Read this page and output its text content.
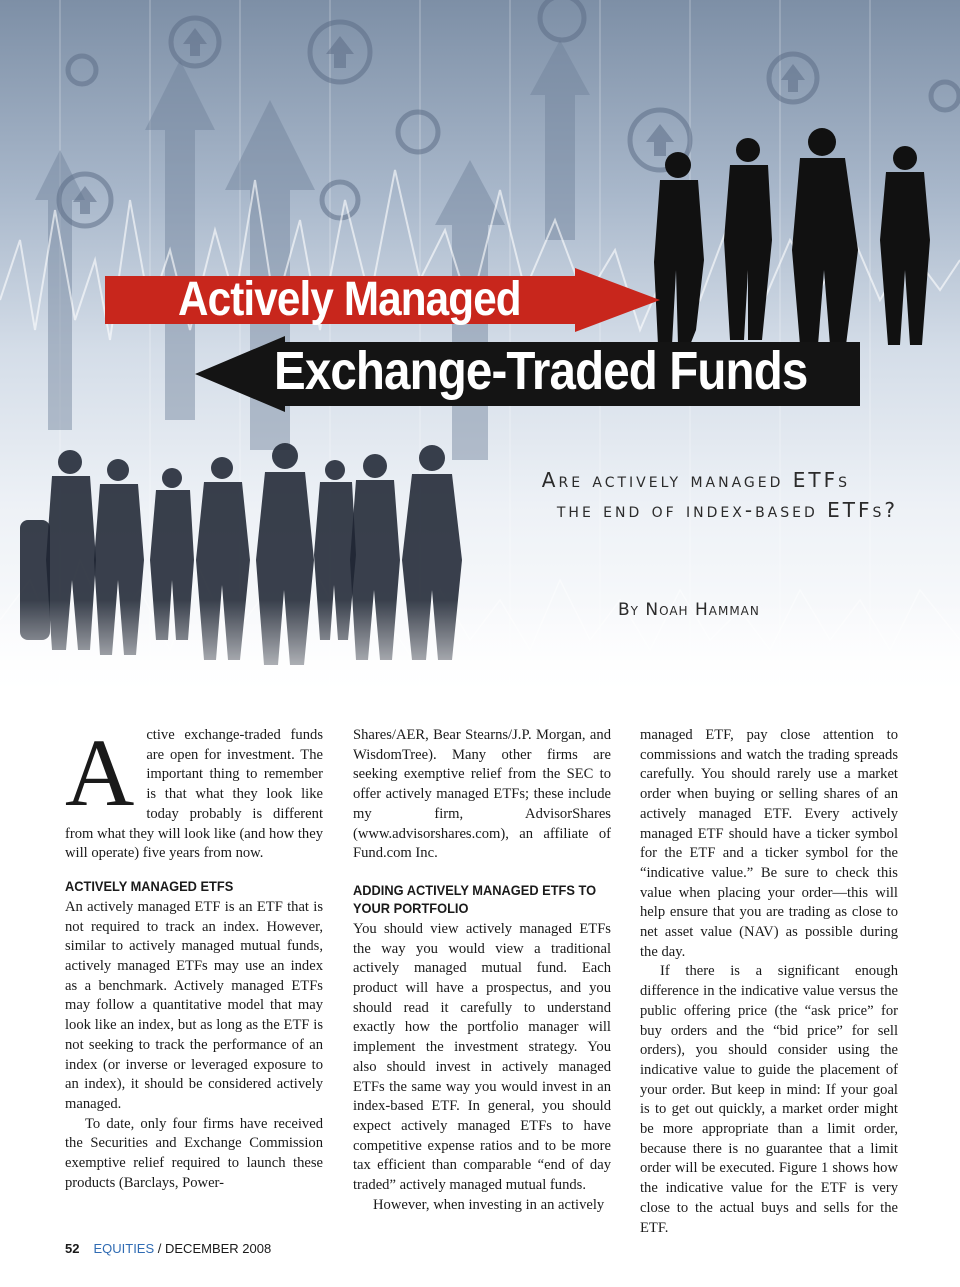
Actively Managed
Exchange-Traded Funds
Are actively managed ETFs
the end of index-based ETFs?
By Noah Hamman

Active exchange-traded funds are open for investment. The important thing to remember is that what they look like today probably is different from what they will look like (and how they will operate) five years from now.

ACTIVELY MANAGED ETFS

An actively managed ETF is an ETF that is not required to track an index. However, similar to actively managed mutual funds, actively managed ETFs may use an index as a benchmark. Actively managed ETFs may follow a quantitative model that may look like an index, but as long as the ETF is not seeking to track the performance of an index (or inverse or leveraged exposure to an index), it should be considered actively managed.

To date, only four firms have received the Securities and Exchange Commission exemptive relief required to launch these products (Barclays, Power-

Shares/AER, Bear Stearns/J.P. Morgan, and WisdomTree). Many other firms are seeking exemptive relief from the SEC to offer actively managed ETFs; these include my firm, AdvisorShares (www.advisorshares.com), an affiliate of Fund.com Inc.

ADDING ACTIVELY MANAGED ETFS TO YOUR PORTFOLIO

You should view actively managed ETFs the way you would view a traditional actively managed mutual fund. Each product will have a prospectus, and you should read it carefully to understand exactly how the portfolio manager will implement the investment strategy. You also should invest in actively managed ETFs the same way you would invest in an index-based ETF. In general, you should expect actively managed ETFs to have competitive expense ratios and to be more tax efficient than comparable “end of day traded” actively managed mutual funds.

However, when investing in an actively

managed ETF, pay close attention to commissions and watch the trading spreads carefully. You should rarely use a market order when buying or selling shares of an actively managed ETF. Every actively managed ETF should have a ticker symbol for the ETF and a ticker symbol for the “indicative value.” Be sure to check this value when placing your order—this will help ensure that you are trading as close to net asset value (NAV) as possible during the day.

If there is a significant enough difference in the indicative value versus the public offering price (the “ask price” for buy orders and the “bid price” for sell orders), you should consider using the indicative value to guide the placement of your order. But keep in mind: If your goal is to get out quickly, a market order might be more appropriate than a limit order, because there is no guarantee that a limit order will be executed. Figure 1 shows how the indicative value for the ETF is very close to the actual buys and sells for the ETF.

52 EQUITIES / DECEMBER 2008
